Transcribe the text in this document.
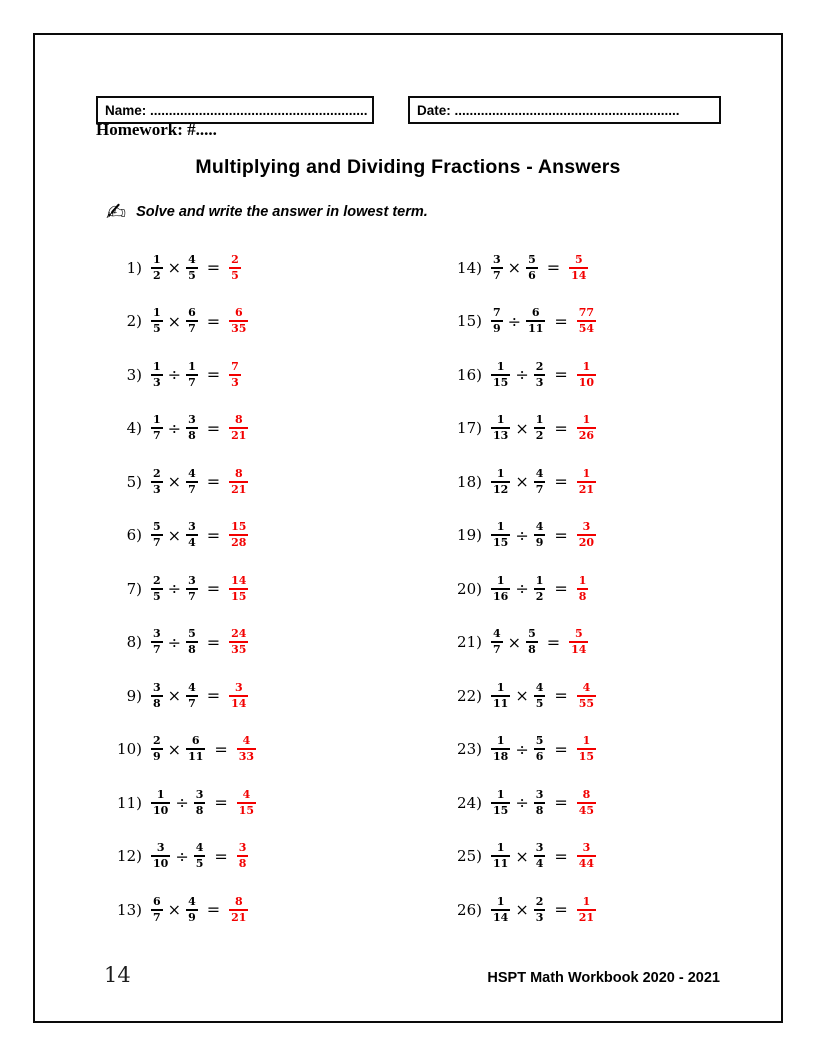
Name: ..........................................................	Date: ............................................................
Homework: #.....
Multiplying and Dividing Fractions - Answers
✍ Solve and write the answer in lowest term.
$1) \frac{1}{2} \times \frac{4}{5} = \frac{2}{5}$
$2) \frac{1}{5} \times \frac{6}{7} = \frac{6}{35}$
$3) \frac{1}{3} \div \frac{1}{7} = \frac{7}{3}$
$4) \frac{1}{7} \div \frac{3}{8} = \frac{8}{21}$
$5) \frac{2}{3} \times \frac{4}{7} = \frac{8}{21}$
$6) \frac{5}{7} \times \frac{3}{4} = \frac{15}{28}$
$7) \frac{2}{5} \div \frac{3}{7} = \frac{14}{15}$
$8) \frac{3}{7} \div \frac{5}{8} = \frac{24}{35}$
$9) \frac{3}{8} \times \frac{4}{7} = \frac{3}{14}$
$10) \frac{2}{9} \times \frac{6}{11} = \frac{4}{33}$
$11) \frac{1}{10} \div \frac{3}{8} = \frac{4}{15}$
$12) \frac{3}{10} \div \frac{4}{5} = \frac{3}{8}$
$13) \frac{6}{7} \times \frac{4}{9} = \frac{8}{21}$
$14) \frac{3}{7} \times \frac{5}{6} = \frac{5}{14}$
$15) \frac{7}{9} \div \frac{6}{11} = \frac{77}{54}$
$16) \frac{1}{15} \div \frac{2}{3} = \frac{1}{10}$
$17) \frac{1}{13} \times \frac{1}{2} = \frac{1}{26}$
$18) \frac{1}{12} \times \frac{4}{7} = \frac{1}{21}$
$19) \frac{1}{15} \div \frac{4}{9} = \frac{3}{20}$
$20) \frac{1}{16} \div \frac{1}{2} = \frac{1}{8}$
$21) \frac{4}{7} \times \frac{5}{8} = \frac{5}{14}$
$22) \frac{1}{11} \times \frac{4}{5} = \frac{4}{55}$
$23) \frac{1}{18} \div \frac{5}{6} = \frac{1}{15}$
$24) \frac{1}{15} \div \frac{3}{8} = \frac{8}{45}$
$25) \frac{1}{11} \times \frac{3}{4} = \frac{3}{44}$
$26) \frac{1}{14} \times \frac{2}{3} = \frac{1}{21}$
14	HSPT Math Workbook 2020 - 2021
